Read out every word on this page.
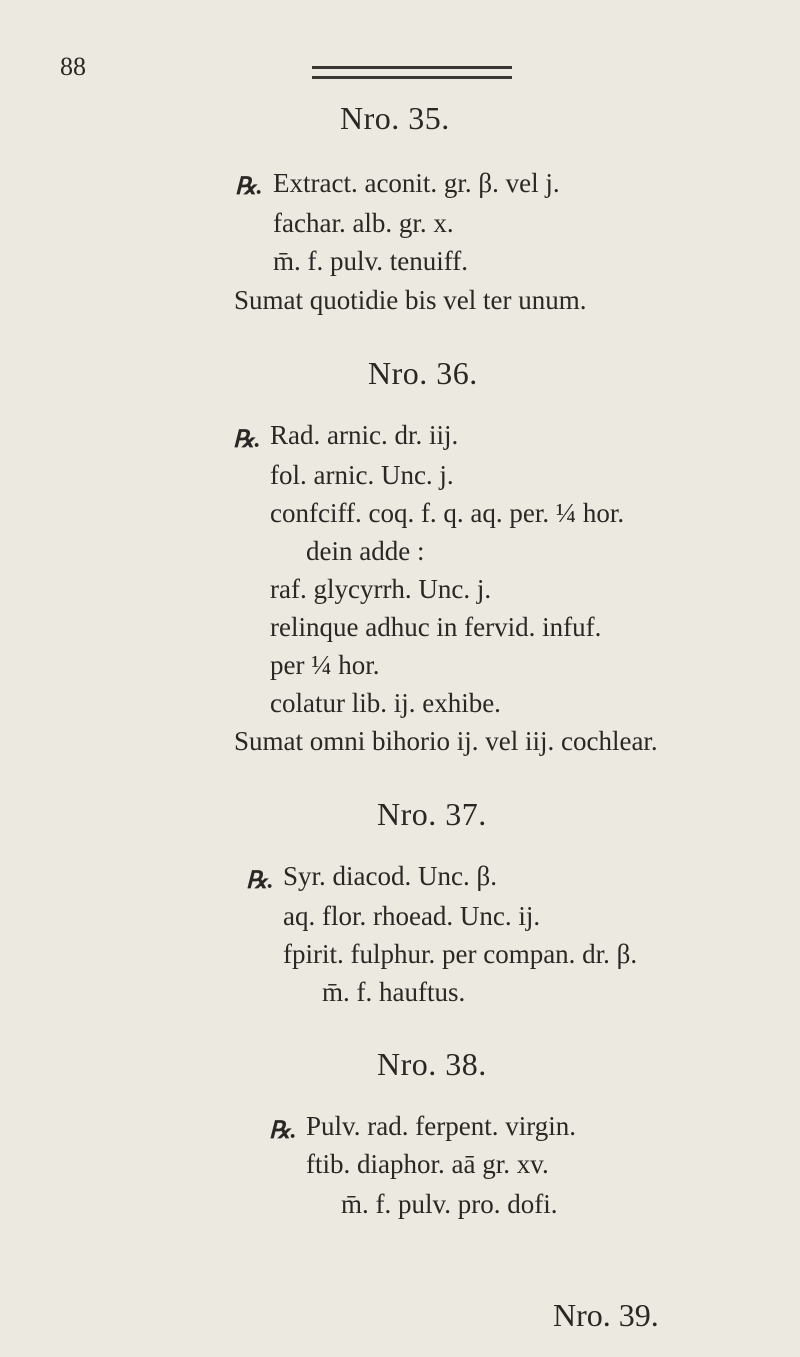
88
Nro. 35.
℞. Extract. aconit. gr. β. vel j.
fachar. alb. gr. x.
m̄. f. pulv. tenuiff.
Sumat quotidie bis vel ter unum.
Nro. 36.
℞. Rad. arnic. dr. iij.
fol. arnic. Unc. j.
confciff. coq. f. q. aq. per. ¼ hor.
dein adde :
raf. glycyrrh. Unc. j.
relinque adhuc in fervid. infuf.
per ¼ hor.
colatur lib. ij. exhibe.
Sumat omni bihorio ij. vel iij. cochlear.
Nro. 37.
℞. Syr. diacod. Unc. β.
aq. flor. rhoead. Unc. ij.
fpirit. fulphur. per compan. dr. β.
m̄. f. hauftus.
Nro. 38.
℞. Pulv. rad. ferpent. virgin.
ftib. diaphor. aā gr. xv.
m̄. f. pulv. pro. dofi.
Nro. 39.
